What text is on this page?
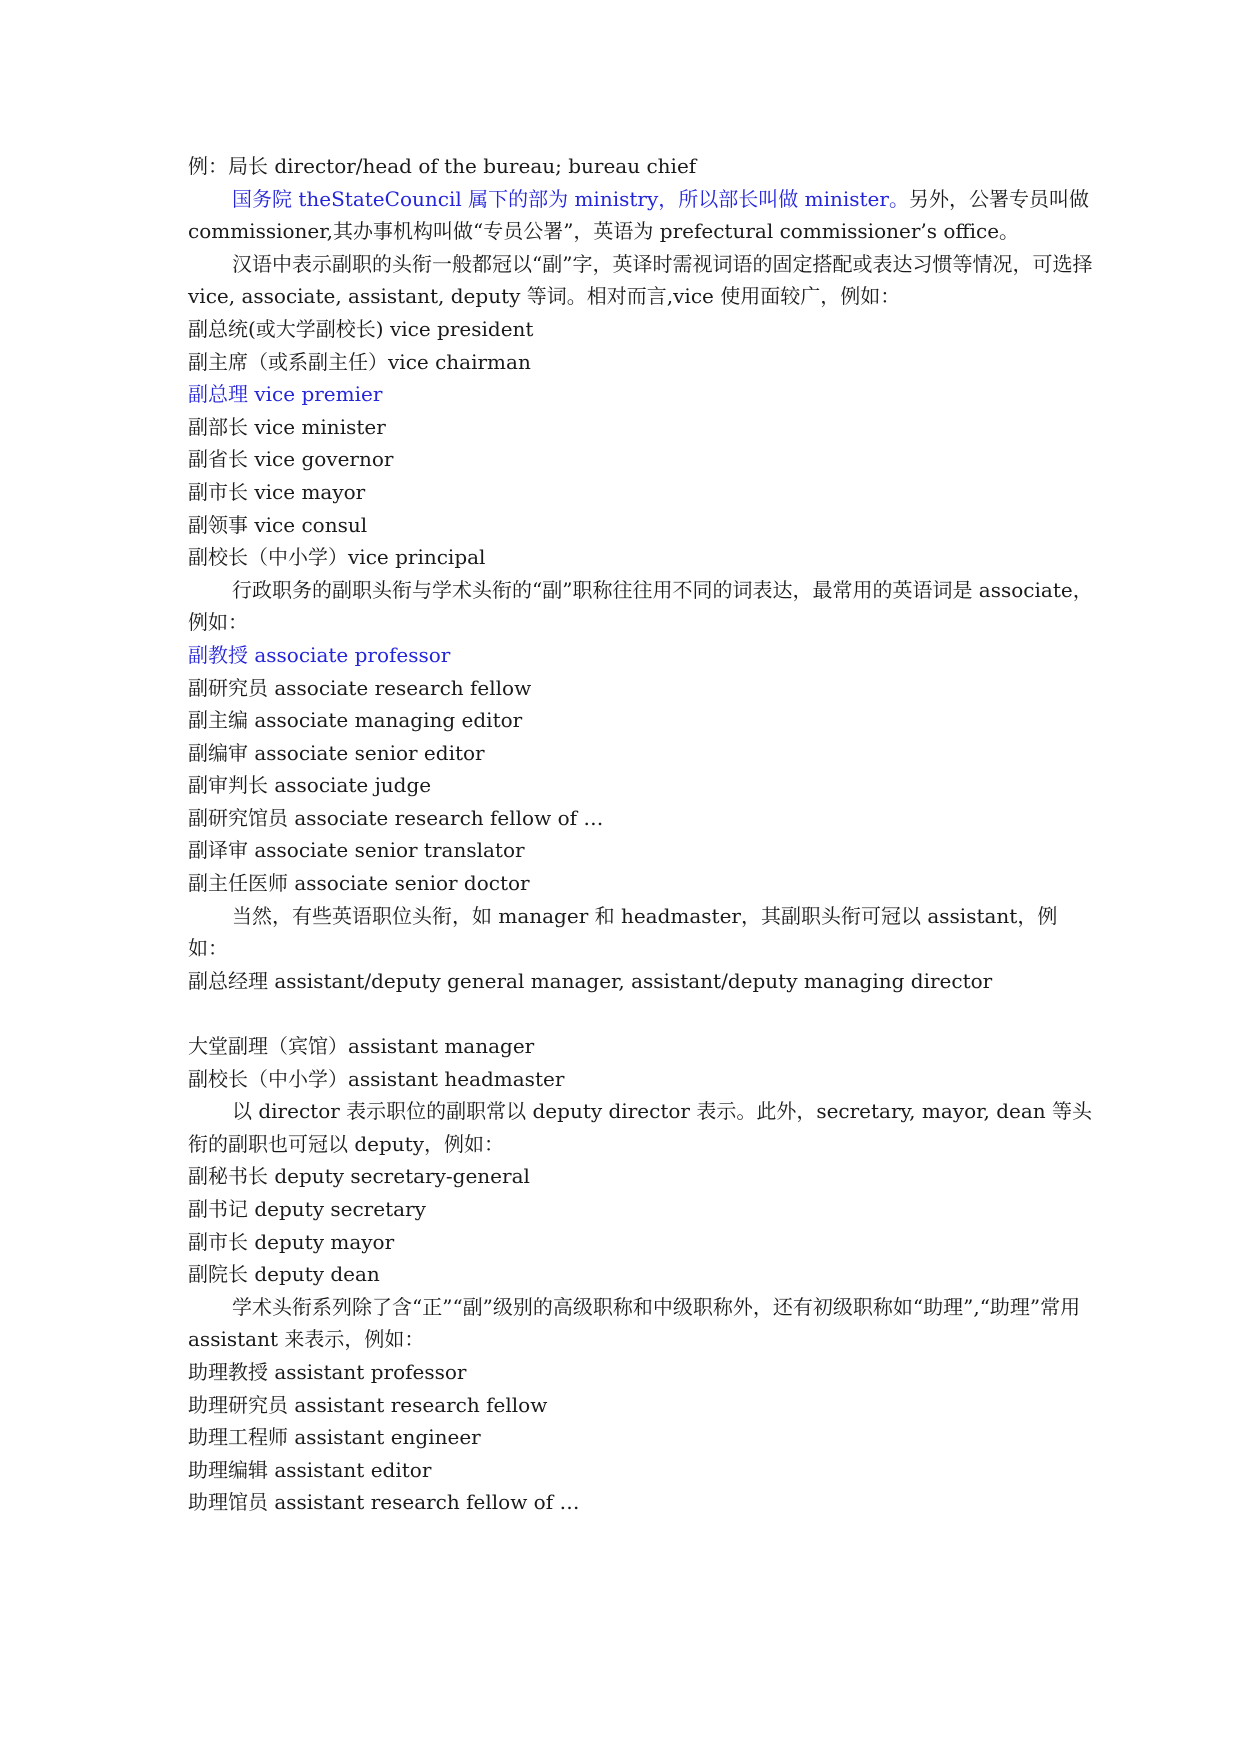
例：局长 director/head of the bureau; bureau chief

国务院 theStateCouncil 属下的部为 ministry，所以部长叫做 minister。另外，公署专员叫做 commissioner,其办事机构叫做“专员公署”，英语为 prefectural commissioner’s office。

汉语中表示副职的头衔一般都冠以“副”字，英译时需视词语的固定搭配或表达习惯等情况，可选择 vice, associate, assistant, deputy 等词。相对而言,vice 使用面较广，例如：

副总统(或大学副校长) vice president

副主席（或系副主任）vice chairman

副总理 vice premier

副部长 vice minister

副省长 vice governor

副市长 vice mayor

副领事 vice consul

副校长（中小学）vice principal

行政职务的副职头衔与学术头衔的“副”职称往往用不同的词表达，最常用的英语词是 associate，例如：

副教授 associate professor

副研究员 associate research fellow

副主编 associate managing editor

副编审 associate senior editor

副审判长 associate judge

副研究馆员 associate research fellow of …

副译审 associate senior translator

副主任医师 associate senior doctor

当然，有些英语职位头衔，如 manager 和 headmaster，其副职头衔可冠以 assistant，例如：

副总经理 assistant/deputy general manager, assistant/deputy managing director

大堂副理（宾馆）assistant manager

副校长（中小学）assistant headmaster

以 director 表示职位的副职常以 deputy director 表示。此外，secretary, mayor, dean 等头衔的副职也可冠以 deputy，例如：

副秘书长 deputy secretary-general

副书记 deputy secretary

副市长 deputy mayor

副院长 deputy dean

学术头衔系列除了含“正”“副”级别的高级职称和中级职称外，还有初级职称如“助理”,“助理”常用 assistant 来表示，例如：

助理教授 assistant professor

助理研究员 assistant research fellow

助理工程师 assistant engineer

助理编辑 assistant editor

助理馆员 assistant research fellow of …
